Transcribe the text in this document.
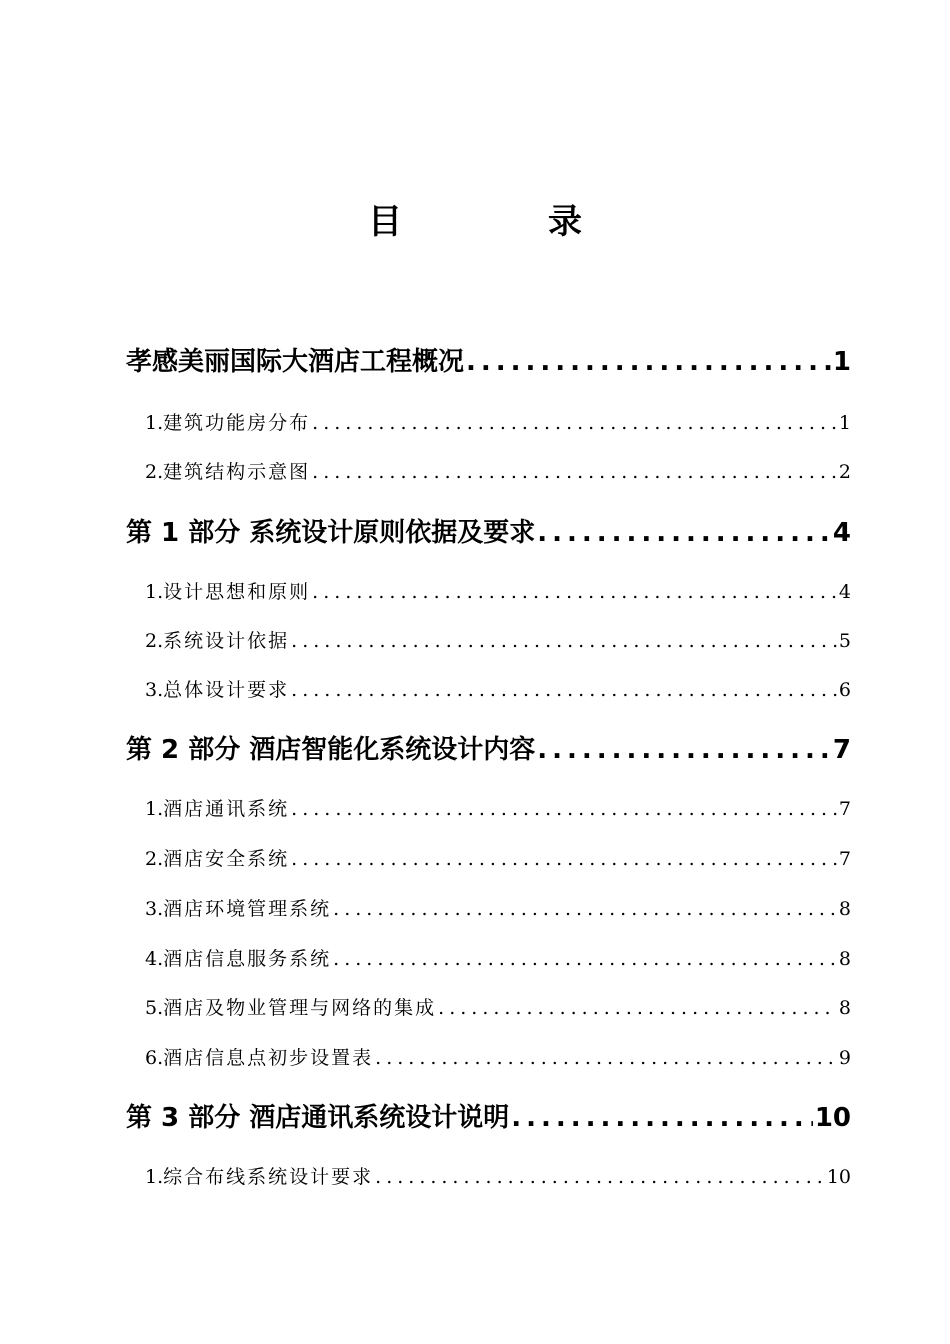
目　录
孝感美丽国际大酒店工程概况 .....	1
1. 建筑功能房分布 .....	1
2. 建筑结构示意图 .....	2
第 1 部分 系统设计原则依据及要求 .....	4
1. 设计思想和原则 .....	4
2. 系统设计依据 .....	5
3. 总体设计要求 .....	6
第 2 部分 酒店智能化系统设计内容 .....	7
1. 酒店通讯系统 .....	7
2. 酒店安全系统 .....	7
3. 酒店环境管理系统 .....	8
4. 酒店信息服务系统 .....	8
5. 酒店及物业管理与网络的集成 .....	8
6. 酒店信息点初步设置表 .....	9
第 3 部分 酒店通讯系统设计说明 .....	10
1. 综合布线系统设计要求 .....	10
